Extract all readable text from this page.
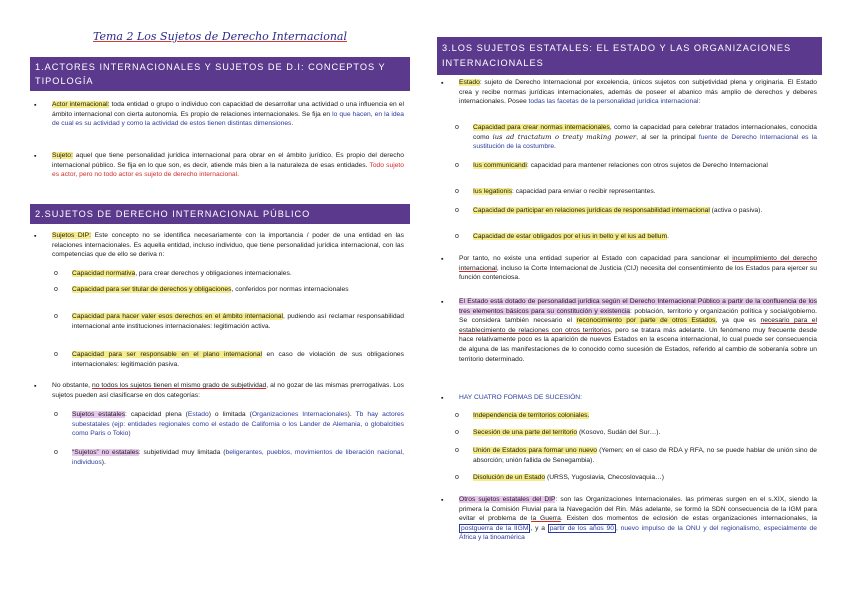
Tema 2 Los Sujetos de Derecho Internacional
1.ACTORES INTERNACIONALES Y SUJETOS DE D.I: CONCEPTOS Y TIPOLOGÍA
▪ Actor internacional: toda entidad o grupo o individuo con capacidad de desarrollar una actividad o una influencia en el ámbito internacional con cierta autonomía. Es propio de relaciones internacionales. Se fija en lo que hacen, en la idea de cual es su actividad y como la actividad de estos tienen distintas dimensiones.
▪ Sujeto: aquel que tiene personalidad jurídica internacional para obrar en el ámbito jurídico. Es propio del derecho internacional público. Se fija en lo que son, es decir, atiende más bien a la naturaleza de esas entidades. Todo sujeto es actor, pero no todo actor es sujeto de derecho internacional.
2.SUJETOS DE DERECHO INTERNACIONAL PÚBLICO
▪ Sujetos DIP: Este concepto no se identifica necesariamente con la importancia / poder de una entidad en las relaciones internacionales. Es aquella entidad, incluso individuo, que tiene personalidad jurídica internacional, con las competencias que de ello se deriva n:
o Capacidad normativa, para crear derechos y obligaciones internacionales.
o Capacidad para ser titular de derechos y obligaciones, conferidos por normas internacionales
o Capacidad para hacer valer esos derechos en el ámbito internacional, pudiendo así reclamar responsabilidad internacional ante instituciones internacionales: legitimación activa.
o Capacidad para ser responsable en el plano internacional en caso de violación de sus obligaciones internacionales: legitimación pasiva.
▪ No obstante, no todos los sujetos tienen el mismo grado de subjetividad, al no gozar de las mismas prerrogativas. Los sujetos pueden así clasificarse en dos categorías:
o Sujetos estatales: capacidad plena (Estado) o limitada (Organizaciones Internacionales). Tb hay actores subestatales (ejp: entidades regionales como el estado de California o los Lander de Alemania, o globalcities como Paris o Tokio)
o “Sujetos” no estatales: subjetividad muy limitada (beligerantes, pueblos, movimientos de liberación nacional, individuos).
3.LOS SUJETOS ESTATALES: EL ESTADO Y LAS ORGANIZACIONES INTERNACIONALES
▪ Estado: sujeto de Derecho Internacional por excelencia, únicos sujetos con subjetividad plena y originaria. El Estado crea y recibe normas jurídicas internacionales, además de poseer el abanico más amplio de derechos y deberes internacionales. Posee todas las facetas de la personalidad jurídica internacional:
o Capacidad para crear normas internacionales, como la capacidad para celebrar tratados internacionales, conocida como ius ad tractatum o treaty making power, al ser la principal fuente de Derecho Internacional es la sustitución de la costumbre.
o Ius communicandi: capacidad para mantener relaciones con otros sujetos de Derecho Internacional
o Ius legationis: capacidad para enviar o recibir representantes.
o Capacidad de participar en relaciones jurídicas de responsabilidad internacional (activa o pasiva).
o Capacidad de estar obligados por el ius in bello y el ius ad bellum.
▪ Por tanto, no existe una entidad superior al Estado con capacidad para sancionar el incumplimiento del derecho internacional, incluso la Corte Internacional de Justicia (CIJ) necesita del consentimiento de los Estados para ejercer su función contenciosa.
▪ El Estado está dotado de personalidad jurídica según el Derecho Internacional Público a partir de la confluencia de los tres elementos básicos para su constitución y existencia: población, territorio y organización política y social/gobierno. Se considera también necesario el reconocimiento por parte de otros Estados, ya que es necesario para el establecimiento de relaciones con otros territorios, pero se tratara más adelante. Un fenómeno muy frecuente desde hace relativamente poco es la aparición de nuevos Estados en la escena internacional, lo cual puede ser consecuencia de alguna de las manifestaciones de lo conocido como sucesión de Estados, referido al cambio de soberanía sobre un territorio determinado.
▪ HAY CUATRO FORMAS DE SUCESIÓN:
o Independencia de territorios coloniales.
o Secesión de una parte del territorio (Kosovo, Sudán del Sur…).
o Unión de Estados para formar uno nuevo (Yemen; en el caso de RDA y RFA, no se puede hablar de unión sino de absorción; unión fallida de Senegambia).
o Disolución de un Estado (URSS, Yugoslavia, Checoslovaquia…)
▪ Otros sujetos estatales del DIP: son las Organizaciones Internacionales. las primeras surgen en el s.XIX, siendo la primera la Comisión Fluvial para la Navegación del Rin. Más adelante, se formó la SDN consecuencia de la IGM para evitar el problema de la Guerra. Existen dos momentos de eclosión de estas organizaciones internacionales, la postguerra de la IIGM , y a partir de los años 90 , nuevo impulso de la ONU y del regionalismo, especialmente de África y la tinoamérica
